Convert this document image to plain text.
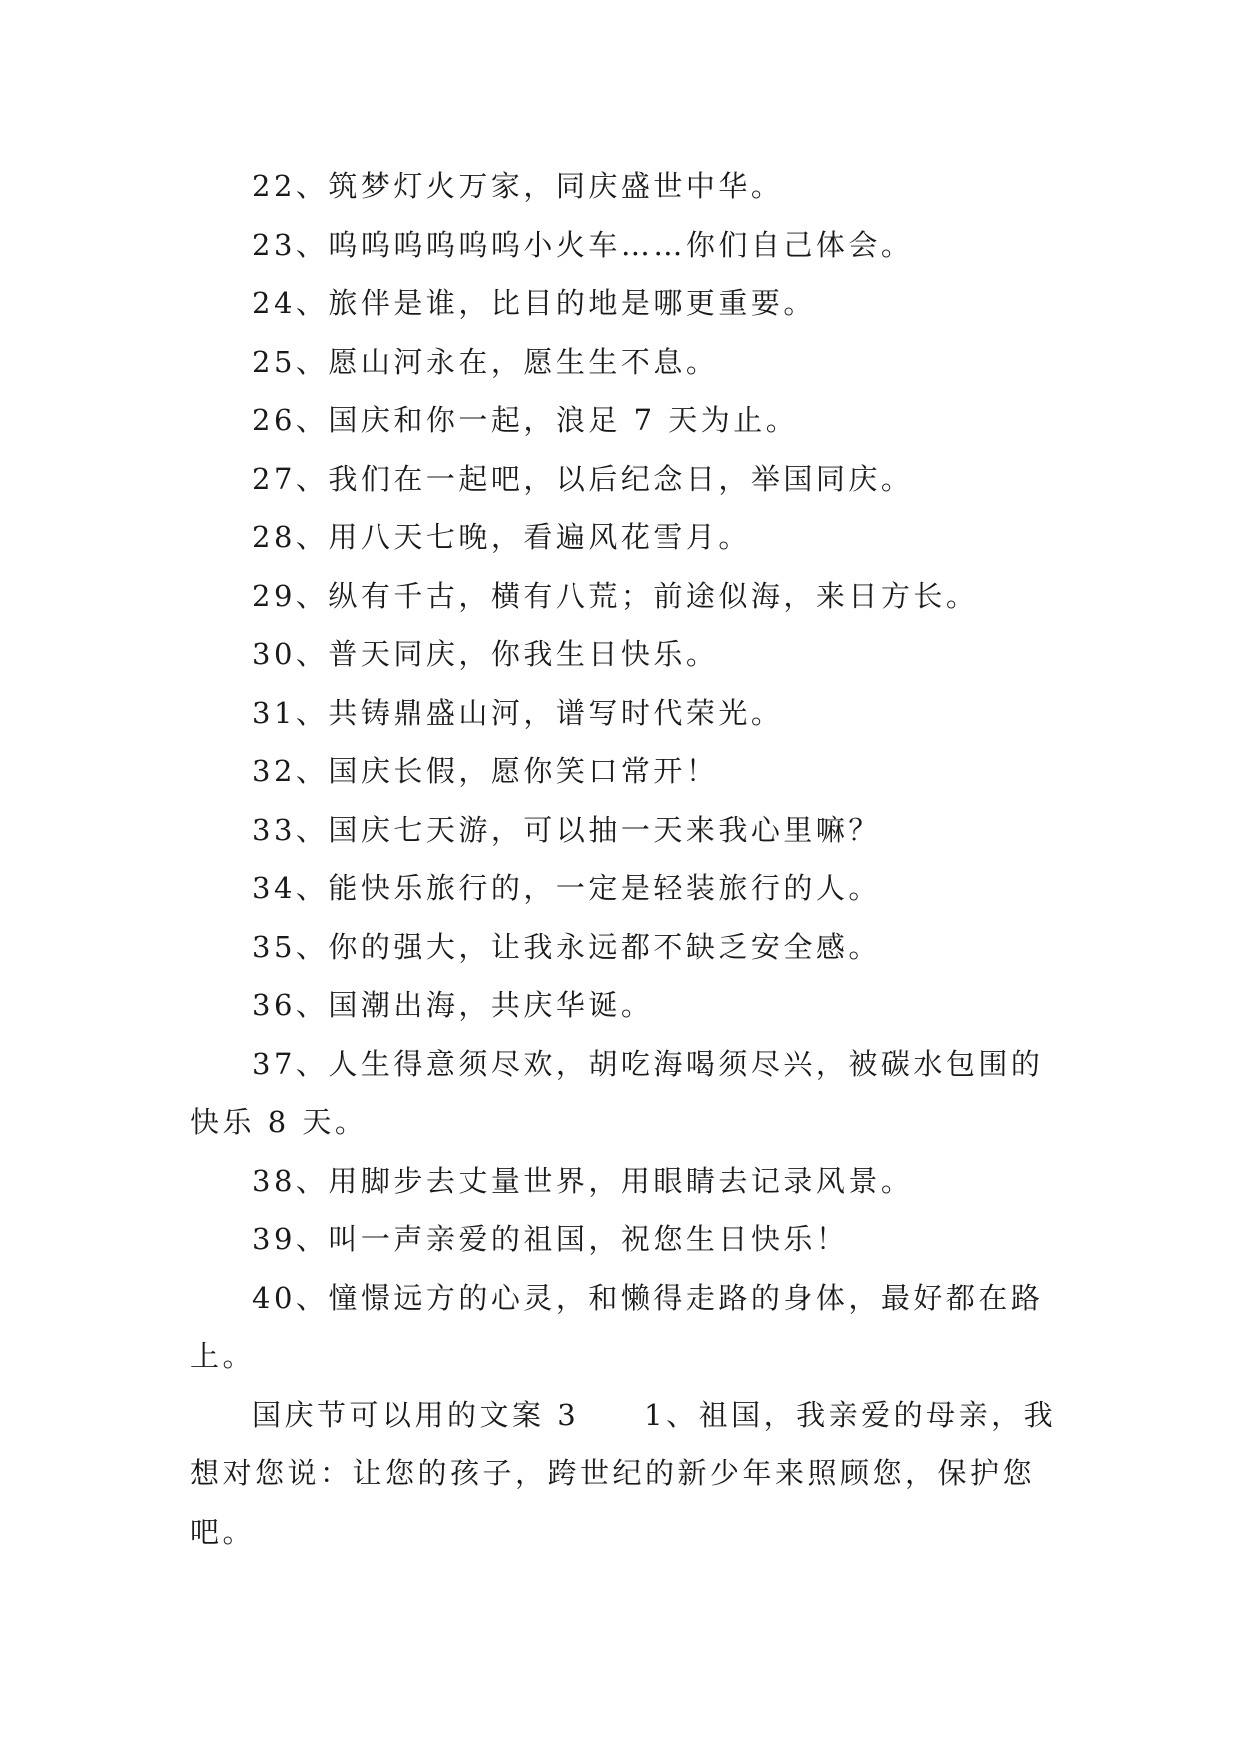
22、筑梦灯火万家，同庆盛世中华。

23、呜呜呜呜呜呜小火车……你们自己体会。

24、旅伴是谁，比目的地是哪更重要。

25、愿山河永在，愿生生不息。

26、国庆和你一起，浪足 7 天为止。

27、我们在一起吧，以后纪念日，举国同庆。

28、用八天七晚，看遍风花雪月。

29、纵有千古，横有八荒；前途似海，来日方长。

30、普天同庆，你我生日快乐。

31、共铸鼎盛山河，谱写时代荣光。

32、国庆长假，愿你笑口常开！

33、国庆七天游，可以抽一天来我心里嘛？

34、能快乐旅行的，一定是轻装旅行的人。

35、你的强大，让我永远都不缺乏安全感。

36、国潮出海，共庆华诞。

37、人生得意须尽欢，胡吃海喝须尽兴，被碳水包围的快乐 8 天。

38、用脚步去丈量世界，用眼睛去记录风景。

39、叫一声亲爱的祖国，祝您生日快乐！

40、憧憬远方的心灵，和懒得走路的身体，最好都在路上。

国庆节可以用的文案 3　　1、祖国，我亲爱的母亲，我想对您说：让您的孩子，跨世纪的新少年来照顾您，保护您吧。
